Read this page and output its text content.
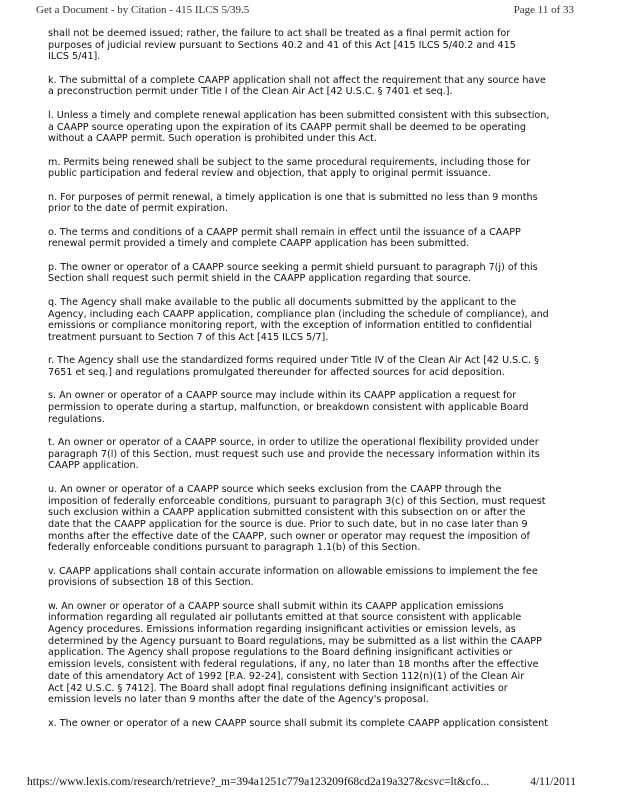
Get a Document - by Citation - 415 ILCS 5/39.5	Page 11 of 33
shall not be deemed issued; rather, the failure to act shall be treated as a final permit action for
purposes of judicial review pursuant to Sections 40.2 and 41 of this Act [415 ILCS 5/40.2 and 415
ILCS 5/41].
k. The submittal of a complete CAAPP application shall not affect the requirement that any source have
a preconstruction permit under Title I of the Clean Air Act [42 U.S.C. § 7401 et seq.].
l. Unless a timely and complete renewal application has been submitted consistent with this subsection,
a CAAPP source operating upon the expiration of its CAAPP permit shall be deemed to be operating
without a CAAPP permit. Such operation is prohibited under this Act.
m. Permits being renewed shall be subject to the same procedural requirements, including those for
public participation and federal review and objection, that apply to original permit issuance.
n. For purposes of permit renewal, a timely application is one that is submitted no less than 9 months
prior to the date of permit expiration.
o. The terms and conditions of a CAAPP permit shall remain in effect until the issuance of a CAAPP
renewal permit provided a timely and complete CAAPP application has been submitted.
p. The owner or operator of a CAAPP source seeking a permit shield pursuant to paragraph 7(j) of this
Section shall request such permit shield in the CAAPP application regarding that source.
q. The Agency shall make available to the public all documents submitted by the applicant to the
Agency, including each CAAPP application, compliance plan (including the schedule of compliance), and
emissions or compliance monitoring report, with the exception of information entitled to confidential
treatment pursuant to Section 7 of this Act [415 ILCS 5/7].
r. The Agency shall use the standardized forms required under Title IV of the Clean Air Act [42 U.S.C. §
7651 et seq.] and regulations promulgated thereunder for affected sources for acid deposition.
s. An owner or operator of a CAAPP source may include within its CAAPP application a request for
permission to operate during a startup, malfunction, or breakdown consistent with applicable Board
regulations.
t. An owner or operator of a CAAPP source, in order to utilize the operational flexibility provided under
paragraph 7(l) of this Section, must request such use and provide the necessary information within its
CAAPP application.
u. An owner or operator of a CAAPP source which seeks exclusion from the CAAPP through the
imposition of federally enforceable conditions, pursuant to paragraph 3(c) of this Section, must request
such exclusion within a CAAPP application submitted consistent with this subsection on or after the
date that the CAAPP application for the source is due. Prior to such date, but in no case later than 9
months after the effective date of the CAAPP, such owner or operator may request the imposition of
federally enforceable conditions pursuant to paragraph 1.1(b) of this Section.
v. CAAPP applications shall contain accurate information on allowable emissions to implement the fee
provisions of subsection 18 of this Section.
w. An owner or operator of a CAAPP source shall submit within its CAAPP application emissions
information regarding all regulated air pollutants emitted at that source consistent with applicable
Agency procedures. Emissions information regarding insignificant activities or emission levels, as
determined by the Agency pursuant to Board regulations, may be submitted as a list within the CAAPP
application. The Agency shall propose regulations to the Board defining insignificant activities or
emission levels, consistent with federal regulations, if any, no later than 18 months after the effective
date of this amendatory Act of 1992 [P.A. 92-24], consistent with Section 112(n)(1) of the Clean Air
Act [42 U.S.C. § 7412]. The Board shall adopt final regulations defining insignificant activities or
emission levels no later than 9 months after the date of the Agency's proposal.
x. The owner or operator of a new CAAPP source shall submit its complete CAAPP application consistent
https://www.lexis.com/research/retrieve?_m=394a1251c779a123209f68cd2a19a327&csvc=lt&cfo...	4/11/2011
